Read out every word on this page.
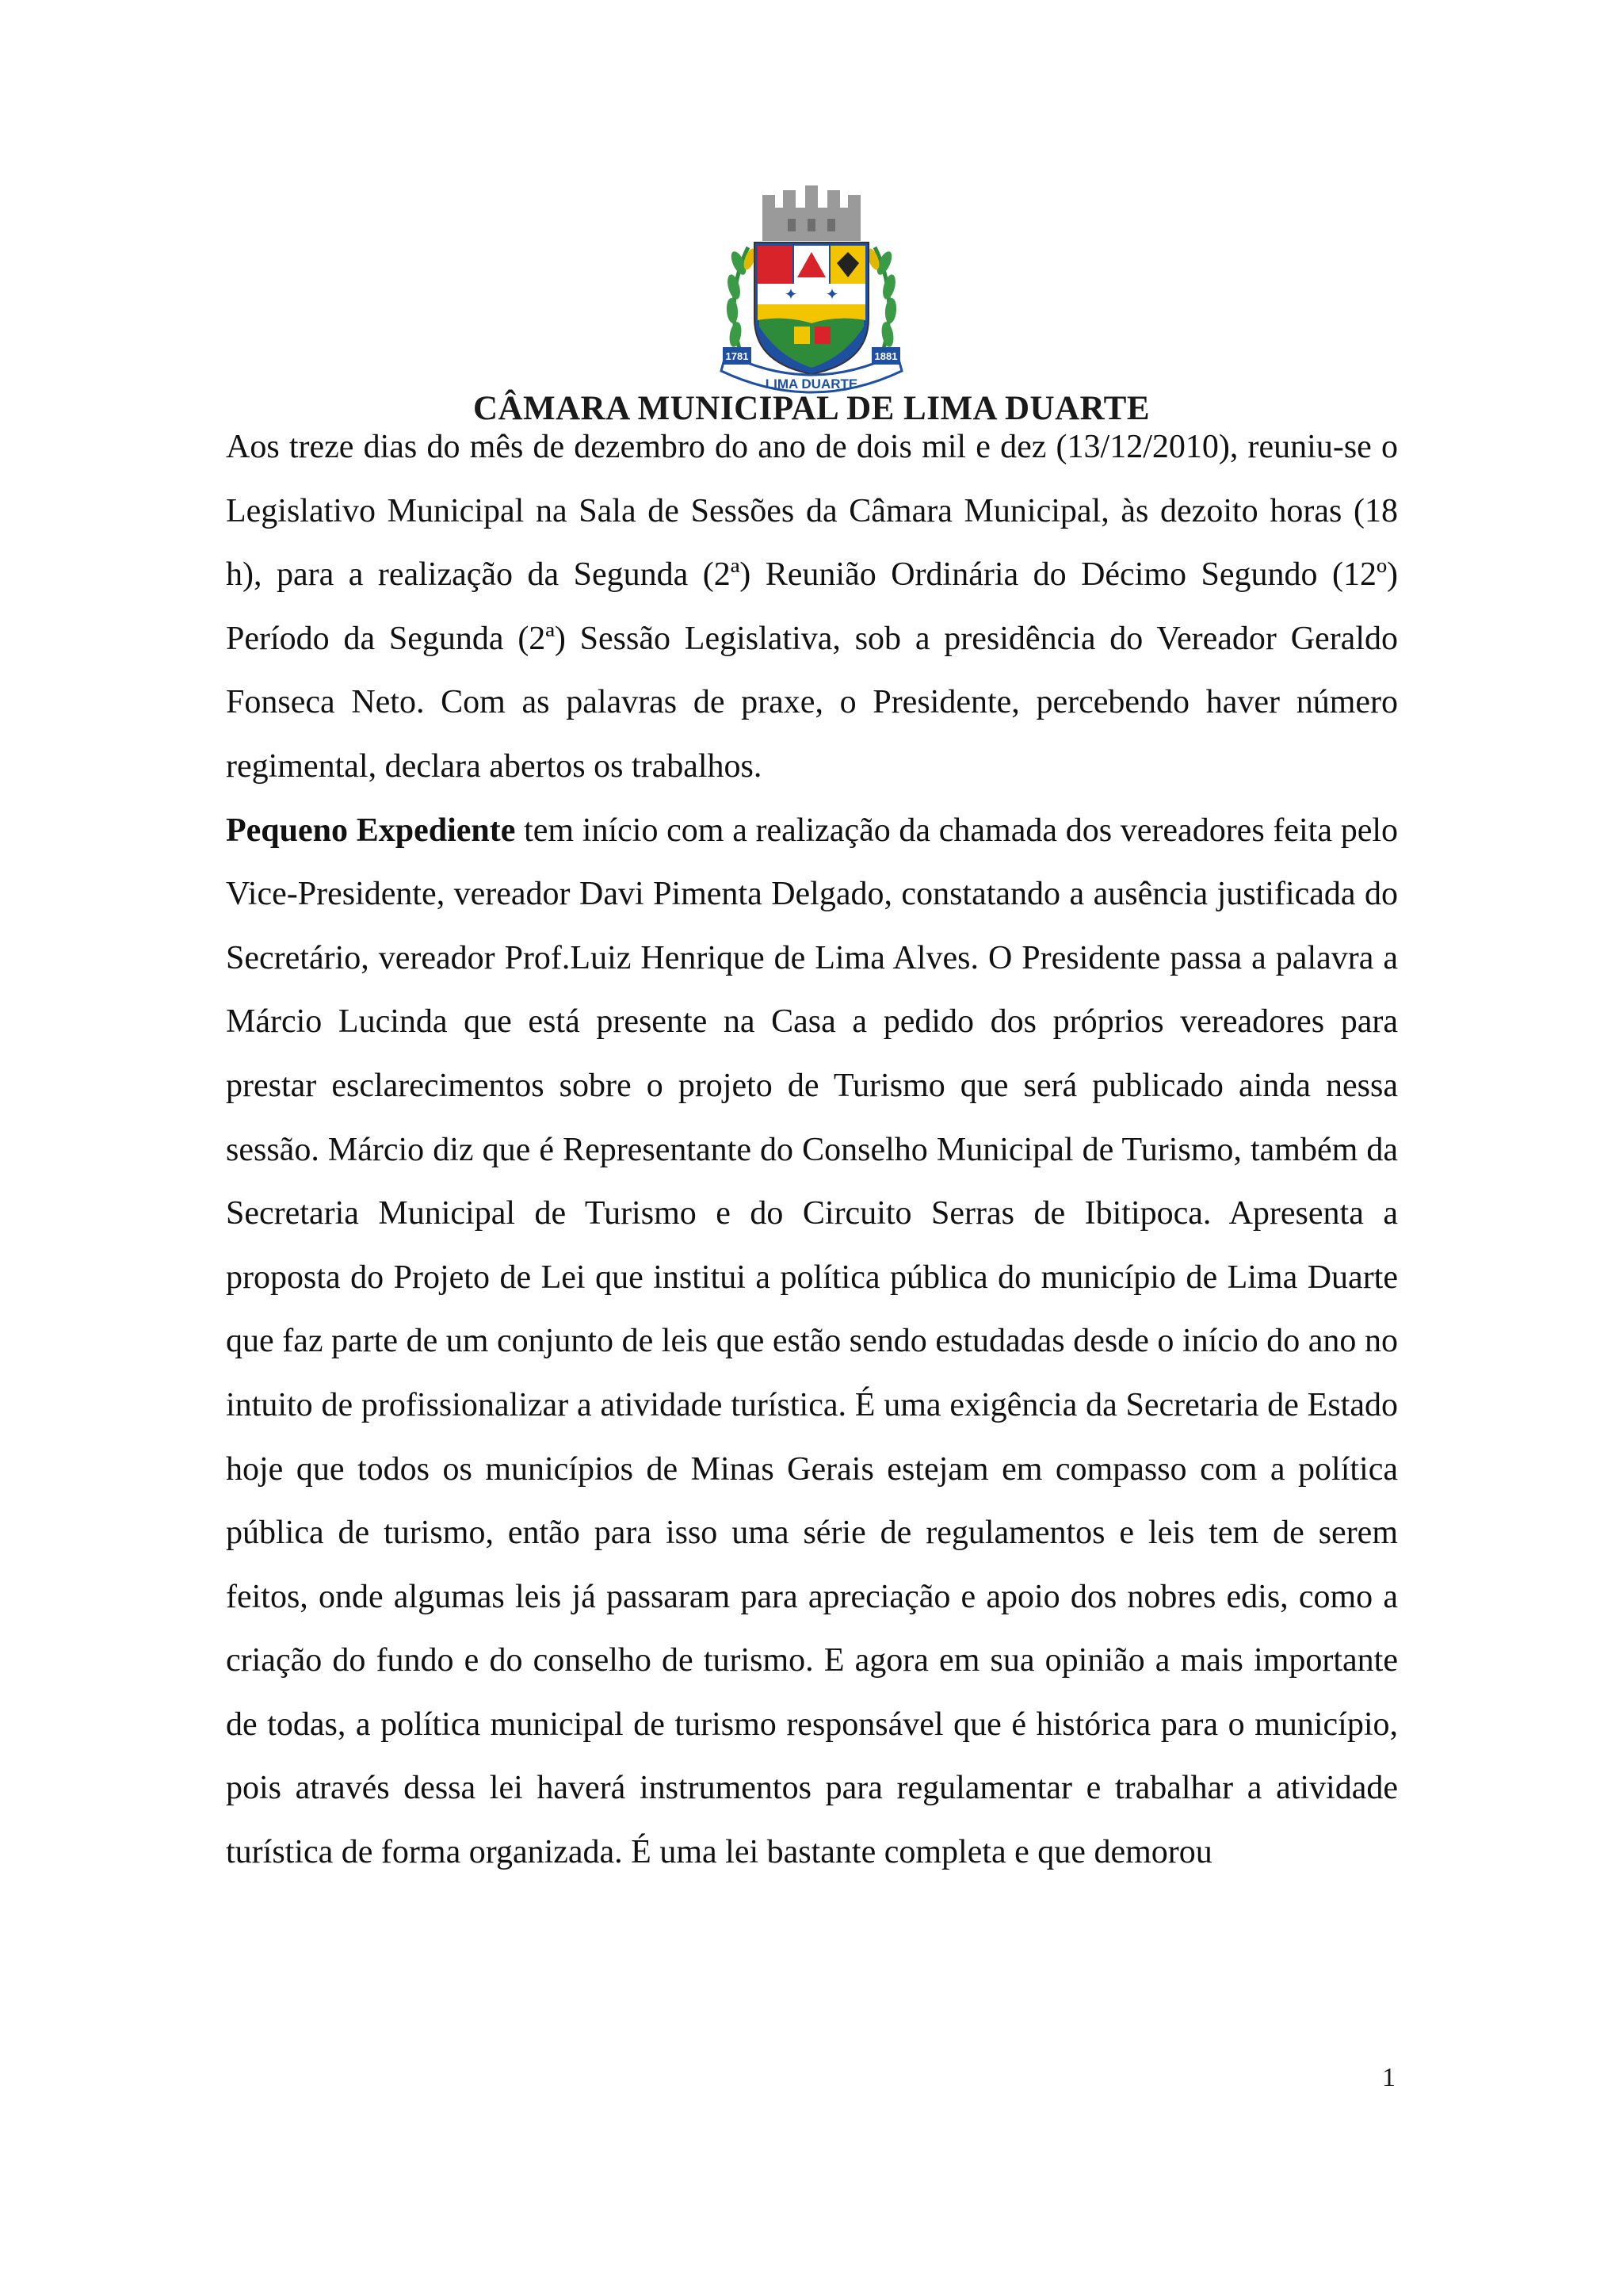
✦ ✦
1781	1881
LIMA DUARTE
CÂMARA MUNICIPAL DE LIMA DUARTE

Aos treze dias do mês de dezembro do ano de dois mil e dez (13/12/2010), reuniu-se o Legislativo Municipal na Sala de Sessões da Câmara Municipal, às dezoito horas (18 h), para a realização da Segunda (2ª) Reunião Ordinária do Décimo Segundo (12º) Período da Segunda (2ª) Sessão Legislativa, sob a presidência do Vereador Geraldo Fonseca Neto. Com as palavras de praxe, o Presidente, percebendo haver número regimental, declara abertos os trabalhos.
Pequeno Expediente tem início com a realização da chamada dos vereadores feita pelo Vice-Presidente, vereador Davi Pimenta Delgado, constatando a ausência justificada do Secretário, vereador Prof.Luiz Henrique de Lima Alves. O Presidente passa a palavra a Márcio Lucinda que está presente na Casa a pedido dos próprios vereadores para prestar esclarecimentos sobre o projeto de Turismo que será publicado ainda nessa sessão. Márcio diz que é Representante do Conselho Municipal de Turismo, também da Secretaria Municipal de Turismo e do Circuito Serras de Ibitipoca. Apresenta a proposta do Projeto de Lei que institui a política pública do município de Lima Duarte que faz parte de um conjunto de leis que estão sendo estudadas desde o início do ano no intuito de profissionalizar a atividade turística. É uma exigência da Secretaria de Estado hoje que todos os municípios de Minas Gerais estejam em compasso com a política pública de turismo, então para isso uma série de regulamentos e leis tem de serem feitos, onde algumas leis já passaram para apreciação e apoio dos nobres edis, como a criação do fundo e do conselho de turismo. E agora em sua opinião a mais importante de todas, a política municipal de turismo responsável que é histórica para o município, pois através dessa lei haverá instrumentos para regulamentar e trabalhar a atividade turística de forma organizada. É uma lei bastante completa e que demorou

1
